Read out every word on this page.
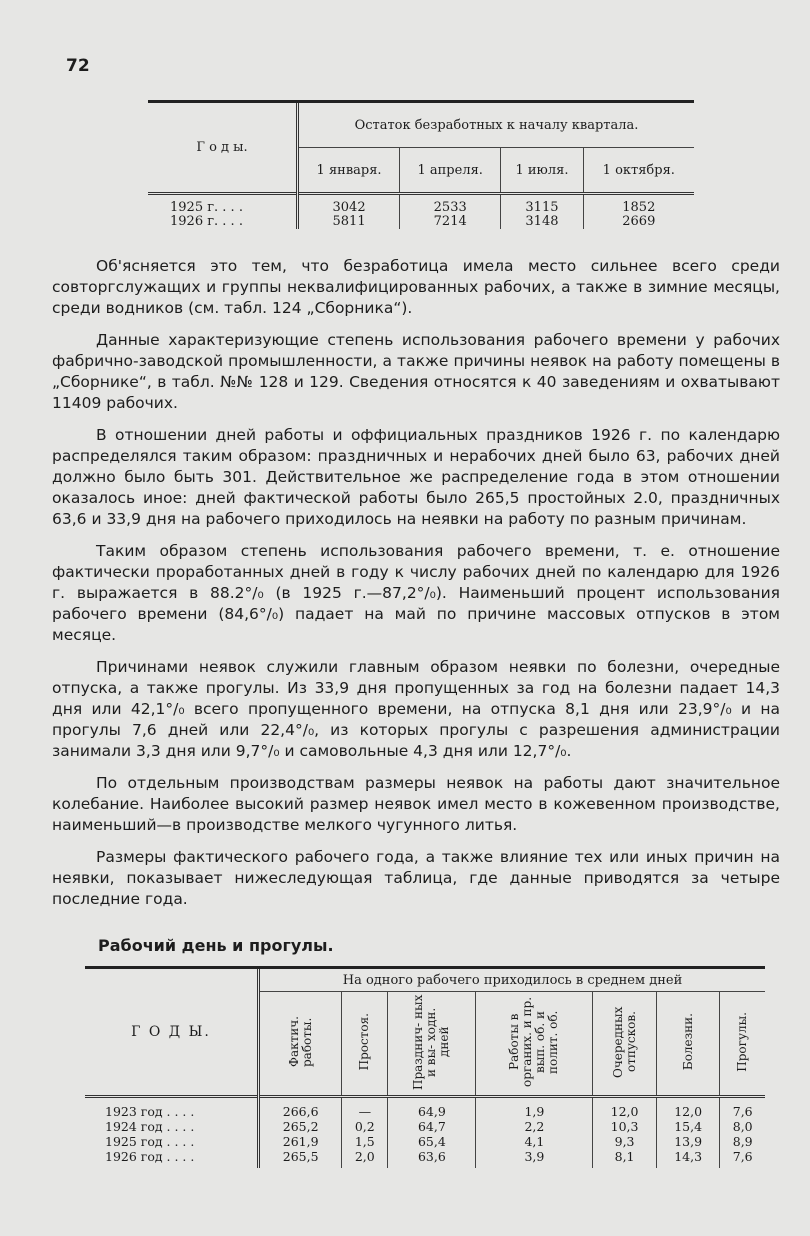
72
Г о д ы.	Остаток безработных к началу квартала.			
	1 января.	1 апреля.	1 июля.	1 октября.

1925 г. . . .	3042	2533	3115	1852
1926 г. . . .	5811	7214	3148	2669

Об'ясняется это тем, что безработица имела место сильнее всего среди совторгслужащих и группы неквалифицированных рабочих, а также в зимние месяцы, среди водников (см. табл. 124 „Сборника“).

Данные характеризующие степень использования рабочего времени у рабочих фабрично-заводской промышленности, а также причины неявок на работу помещены в „Сборнике“, в табл. №№ 128 и 129. Сведения относятся к 40 заведениям и охватывают 11409 рабочих.

В отношении дней работы и оффициальных праздников 1926 г. по календарю распределялся таким образом: праздничных и нерабочих дней было 63, рабочих дней должно было быть 301. Действительное же распределение года в этом отношении оказалось иное: дней фактической работы было 265,5 простойных 2.0, праздничных 63,6 и 33,9 дня на рабочего приходилось на неявки на работу по разным причинам.

Таким образом степень использования рабочего времени, т. е. отношение фактически проработанных дней в году к числу рабочих дней по календарю для 1926 г. выражается в 88.2°/₀ (в 1925 г.—87,2°/₀). Наименьший процент использования рабочего времени (84,6°/₀) падает на май по причине массовых отпусков в этом месяце.

Причинами неявок служили главным образом неявки по болезни, очередные отпуска, а также прогулы. Из 33,9 дня пропущенных за год на болезни падает 14,3 дня или 42,1°/₀ всего пропущенного времени, на отпуска 8,1 дня или 23,9°/₀ и на прогулы 7,6 дней или 22,4°/₀, из которых прогулы с разрешения администрации занимали 3,3 дня или 9,7°/₀ и самовольные 4,3 дня или 12,7°/₀.

По отдельным производствам размеры неявок на работы дают значительное колебание. Наиболее высокий размер неявок имел место в кожевенном производстве, наименьший—в производстве мелкого чугунного литья.

Размеры фактического рабочего года, а также влияние тех или иных причин на неявки, показывает нижеследующая таблица, где данные приводятся за четыре последние года.

Рабочий день и прогулы.
Г О Д Ы.	На одного рабочего приходилось в среднем дней						
	Фактич. работы.	Простоя.	Празднич- ных и вы- ходн. дней	Работы в органих. и пр. вып. об. и полит. об.	Очередных отпусков.	Болезни.	Прогулы.

1923 год . . . .	266,6	—	64,9	1,9	12,0	12,0	7,6
1924 год . . . .	265,2	0,2	64,7	2,2	10,3	15,4	8,0
1925 год . . . .	261,9	1,5	65,4	4,1	9,3	13,9	8,9
1926 год . . . .	265,5	2,0	63,6	3,9	8,1	14,3	7,6
